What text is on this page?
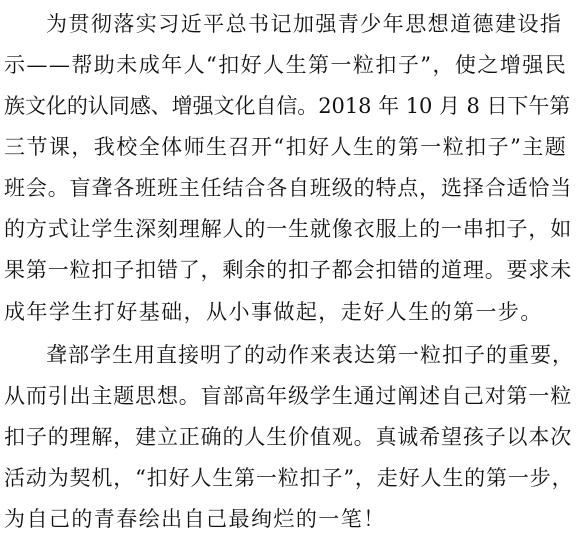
为贯彻落实习近平总书记加强青少年思想道德建设指
示——帮助未成年人“扣好人生第一粒扣子”，使之增强民
族文化的认同感、增强文化自信。2018 年 10 月 8 日下午第
三节课，我校全体师生召开“扣好人生的第一粒扣子”主题
班会。盲聋各班班主任结合各自班级的特点，选择合适恰当
的方式让学生深刻理解人的一生就像衣服上的一串扣子，如
果第一粒扣子扣错了，剩余的扣子都会扣错的道理。要求未
成年学生打好基础，从小事做起，走好人生的第一步。
聋部学生用直接明了的动作来表达第一粒扣子的重要，
从而引出主题思想。盲部高年级学生通过阐述自己对第一粒
扣子的理解，建立正确的人生价值观。真诚希望孩子以本次
活动为契机，“扣好人生第一粒扣子”，走好人生的第一步，
为自己的青春绘出自己最绚烂的一笔！
